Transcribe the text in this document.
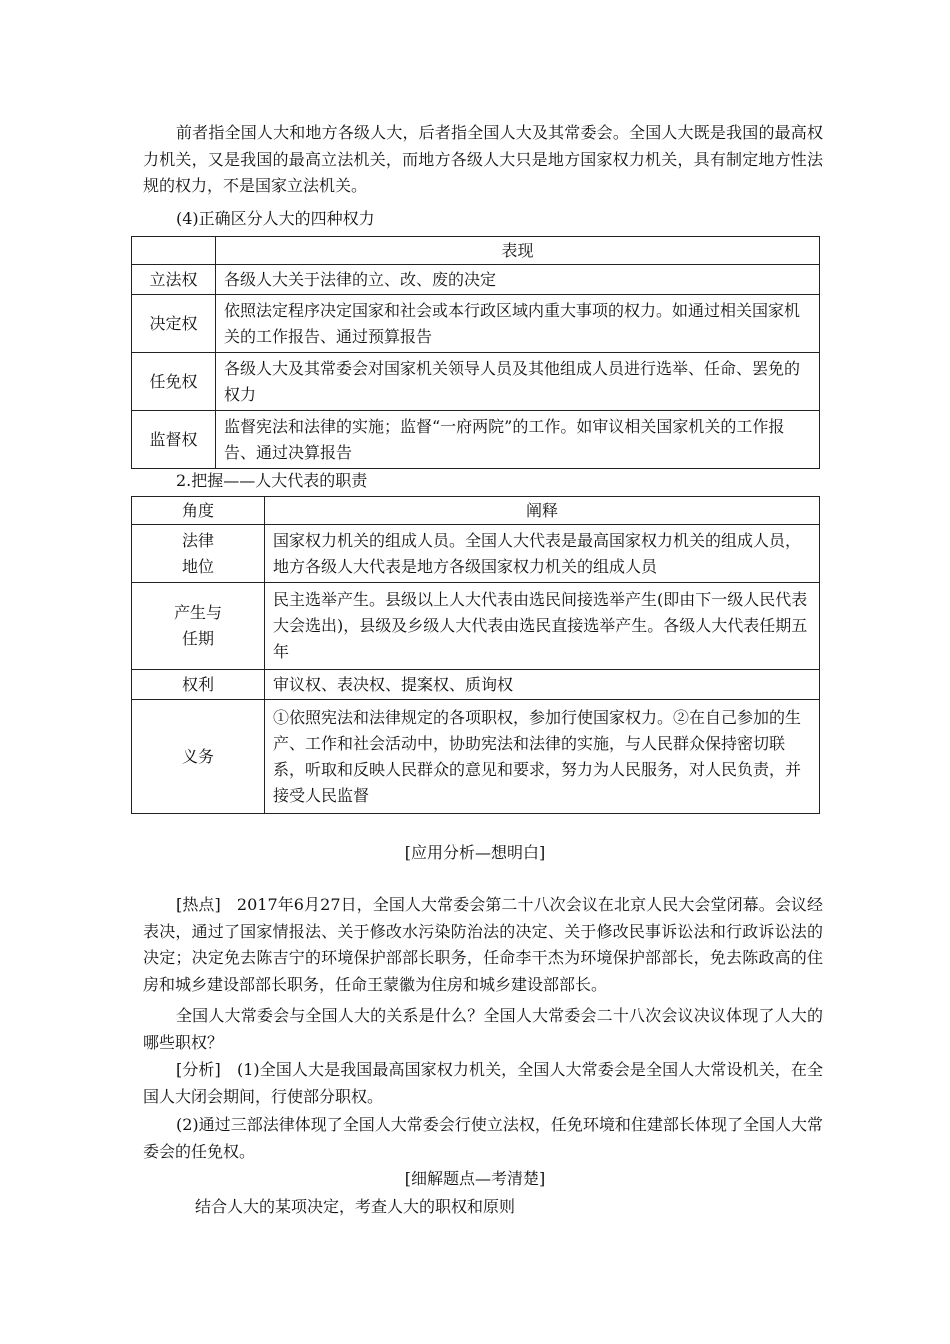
前者指全国人大和地方各级人大，后者指全国人大及其常委会。全国人大既是我国的最高权力机关，又是我国的最高立法机关，而地方各级人大只是地方国家权力机关，具有制定地方性法规的权力，不是国家立法机关。

(4)正确区分人大的四种权力

	表现
立法权	各级人大关于法律的立、改、废的决定
决定权	依照法定程序决定国家和社会或本行政区域内重大事项的权力。如通过相关国家机关的工作报告、通过预算报告
任免权	各级人大及其常委会对国家机关领导人员及其他组成人员进行选举、任命、罢免的权力
监督权	监督宪法和法律的实施；监督“一府两院”的工作。如审议相关国家机关的工作报告、通过决算报告

2.把握——人大代表的职责

角度	阐释
法律
地位	国家权力机关的组成人员。全国人大代表是最高国家权力机关的组成人员，地方各级人大代表是地方各级国家权力机关的组成人员
产生与
任期	民主选举产生。县级以上人大代表由选民间接选举产生(即由下一级人民代表大会选出)，县级及乡级人大代表由选民直接选举产生。各级人大代表任期五年
权利	审议权、表决权、提案权、质询权
义务	①依照宪法和法律规定的各项职权，参加行使国家权力。②在自己参加的生产、工作和社会活动中，协助宪法和法律的实施，与人民群众保持密切联系，听取和反映人民群众的意见和要求，努力为人民服务，对人民负责，并接受人民监督
[应用分析—想明白]

[热点]　2017年6月27日，全国人大常委会第二十八次会议在北京人民大会堂闭幕。会议经表决，通过了国家情报法、关于修改水污染防治法的决定、关于修改民事诉讼法和行政诉讼法的决定；决定免去陈吉宁的环境保护部部长职务，任命李干杰为环境保护部部长，免去陈政高的住房和城乡建设部部长职务，任命王蒙徽为住房和城乡建设部部长。

全国人大常委会与全国人大的关系是什么？全国人大常委会二十八次会议决议体现了人大的哪些职权？

[分析]　(1)全国人大是我国最高国家权力机关，全国人大常委会是全国人大常设机关，在全国人大闭会期间，行使部分职权。

(2)通过三部法律体现了全国人大常委会行使立法权，任免环境和住建部长体现了全国人大常委会的任免权。

[细解题点—考清楚]

结合人大的某项决定，考查人大的职权和原则
